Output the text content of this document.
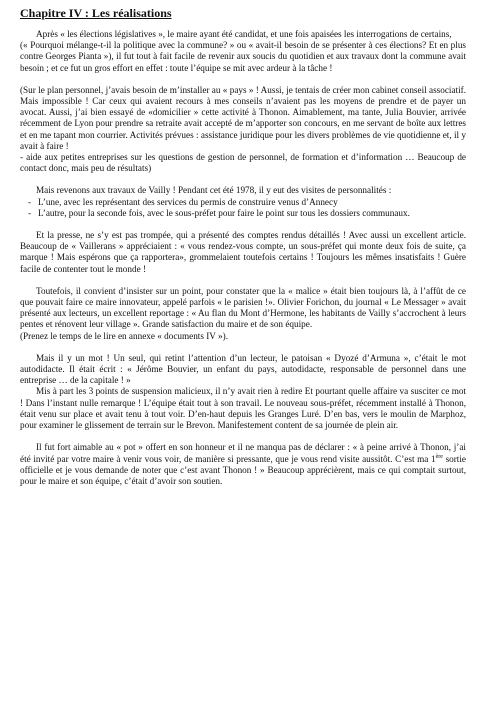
Chapitre IV : Les réalisations

Après « les élections législatives », le maire ayant été candidat, et une fois apaisées les interrogations de certains,

(« Pourquoi mélange-t-il la politique avec la commune? » ou « avait-il besoin de se présenter à ces élections? Et en plus contre Georges Pianta »), il fut tout à fait facile de revenir aux soucis du quotidien et aux travaux dont la commune avait besoin ; et ce fut un gros effort en effet : toute l’équipe se mit avec ardeur à la tâche !

(Sur le plan personnel, j’avais besoin de m’installer au « pays » ! Aussi, je tentais de créer mon cabinet conseil associatif. Mais impossible ! Car ceux qui avaient recours à mes conseils n’avaient pas les moyens de prendre et de payer un avocat. Aussi, j’ai bien essayé de «domicilier » cette activité à Thonon. Aimablement, ma tante, Julia Bouvier, arrivée récemment de Lyon pour prendre sa retraite avait accepté de m’apporter son concours, en me servant de boîte aux lettres et en me tapant mon courrier. Activités prévues : assistance juridique pour les divers problèmes de vie quotidienne et, il y avait à faire !

- aide aux petites entreprises sur les questions de gestion de personnel, de formation et d’information … Beaucoup de contact donc, mais peu de résultats)

Mais revenons aux travaux de Vailly ! Pendant cet été 1978, il y eut des visites de personnalités :

- L’une, avec les représentant des services du permis de construire venus d’Annecy
- L’autre, pour la seconde fois, avec le sous-préfet pour faire le point sur tous les dossiers communaux.

Et la presse, ne s’y est pas trompée, qui a présenté des comptes rendus détaillés ! Avec aussi un excellent article. Beaucoup de « Vaillerans » appréciaient : « vous rendez-vous compte, un sous-préfet qui monte deux fois de suite, ça marque ! Mais espérons que ça rapportera», grommelaient toutefois certains ! Toujours les mêmes insatisfaits ! Guère facile de contenter tout le monde !

Toutefois, il convient d’insister sur un point, pour constater que la « malice » était bien toujours là, à l’affût de ce que pouvait faire ce maire innovateur, appelé parfois « le parisien !». Olivier Forichon, du journal « Le Messager » avait présenté aux lecteurs, un excellent reportage : « Au flan du Mont d’Hermone, les habitants de Vailly s’accrochent à leurs pentes et rénovent leur village ». Grande satisfaction du maire et de son équipe.

(Prenez le temps de le lire en annexe « documents IV »).

Mais il y un mot ! Un seul, qui retint l’attention d’un lecteur, le patoisan « Dyozé d’Armuna », c’était le mot autodidacte. Il était écrit : « Jérôme Bouvier, un enfant du pays, autodidacte, responsable de personnel dans une entreprise … de la capitale ! »

Mis à part les 3 points de suspension malicieux, il n’y avait rien à redire Et pourtant quelle affaire va susciter ce mot ! Dans l’instant nulle remarque ! L’équipe était tout à son travail. Le nouveau sous-préfet, récemment installé à Thonon, était venu sur place et avait tenu à tout voir. D’en-haut depuis les Granges Luré. D’en bas, vers le moulin de Marphoz, pour examiner le glissement de terrain sur le Brevon. Manifestement content de sa journée de plein air.

Il fut fort aimable au « pot » offert en son honneur et il ne manqua pas de déclarer : « à peine arrivé à Thonon, j’ai été invité par votre maire à venir vous voir, de manière si pressante, que je vous rend visite aussitôt. C’est ma 1ère sortie officielle et je vous demande de noter que c’est avant Thonon ! » Beaucoup apprécièrent, mais ce qui comptait surtout, pour le maire et son équipe, c’était d’avoir son soutien.
